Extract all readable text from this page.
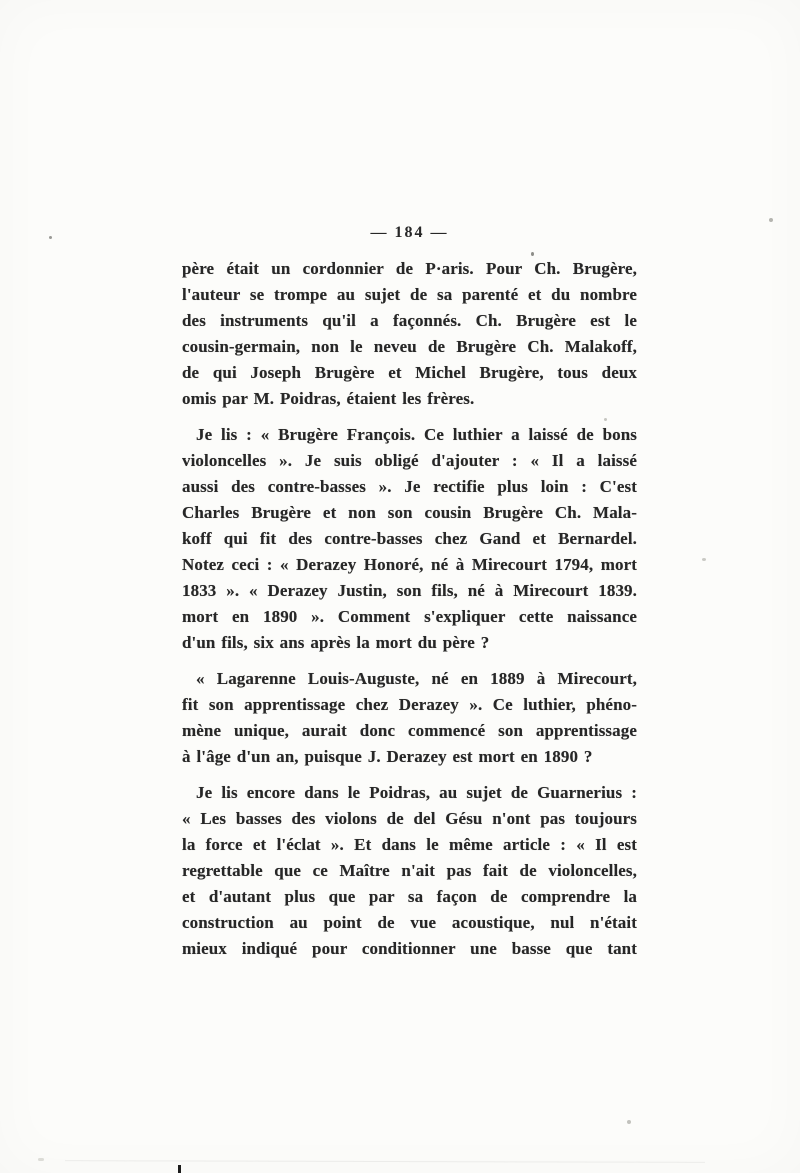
— 184 —

père était un cordonnier de P·aris. Pour Ch. Brugère,
l'auteur se trompe au sujet de sa parenté et du nombre
des instruments qu'il a façonnés. Ch. Brugère est le
cousin-germain, non le neveu de Brugère Ch. Malakoff,
de qui Joseph Brugère et Michel Brugère, tous deux
omis par M. Poidras, étaient les frères.

Je lis : « Brugère François. Ce luthier a laissé de bons
violoncelles ». Je suis obligé d'ajouter : « Il a laissé
aussi des contre-basses ». Je rectifie plus loin : C'est
Charles Brugère et non son cousin Brugère Ch. Mala-
koff qui fit des contre-basses chez Gand et Bernardel.
Notez ceci : « Derazey Honoré, né à Mirecourt 1794, mort
1833 ». « Derazey Justin, son fils, né à Mirecourt 1839.
mort en 1890 ». Comment s'expliquer cette naissance
d'un fils, six ans après la mort du père ?

« Lagarenne Louis-Auguste, né en 1889 à Mirecourt,
fit son apprentissage chez Derazey ». Ce luthier, phéno-
mène unique, aurait donc commencé son apprentissage
à l'âge d'un an, puisque J. Derazey est mort en 1890 ?

Je lis encore dans le Poidras, au sujet de Guarnerius :
« Les basses des violons de del Gésu n'ont pas toujours
la force et l'éclat ». Et dans le même article : « Il est
regrettable que ce Maître n'ait pas fait de violoncelles,
et d'autant plus que par sa façon de comprendre la
construction au point de vue acoustique, nul n'était
mieux indiqué pour conditionner une basse que tant
